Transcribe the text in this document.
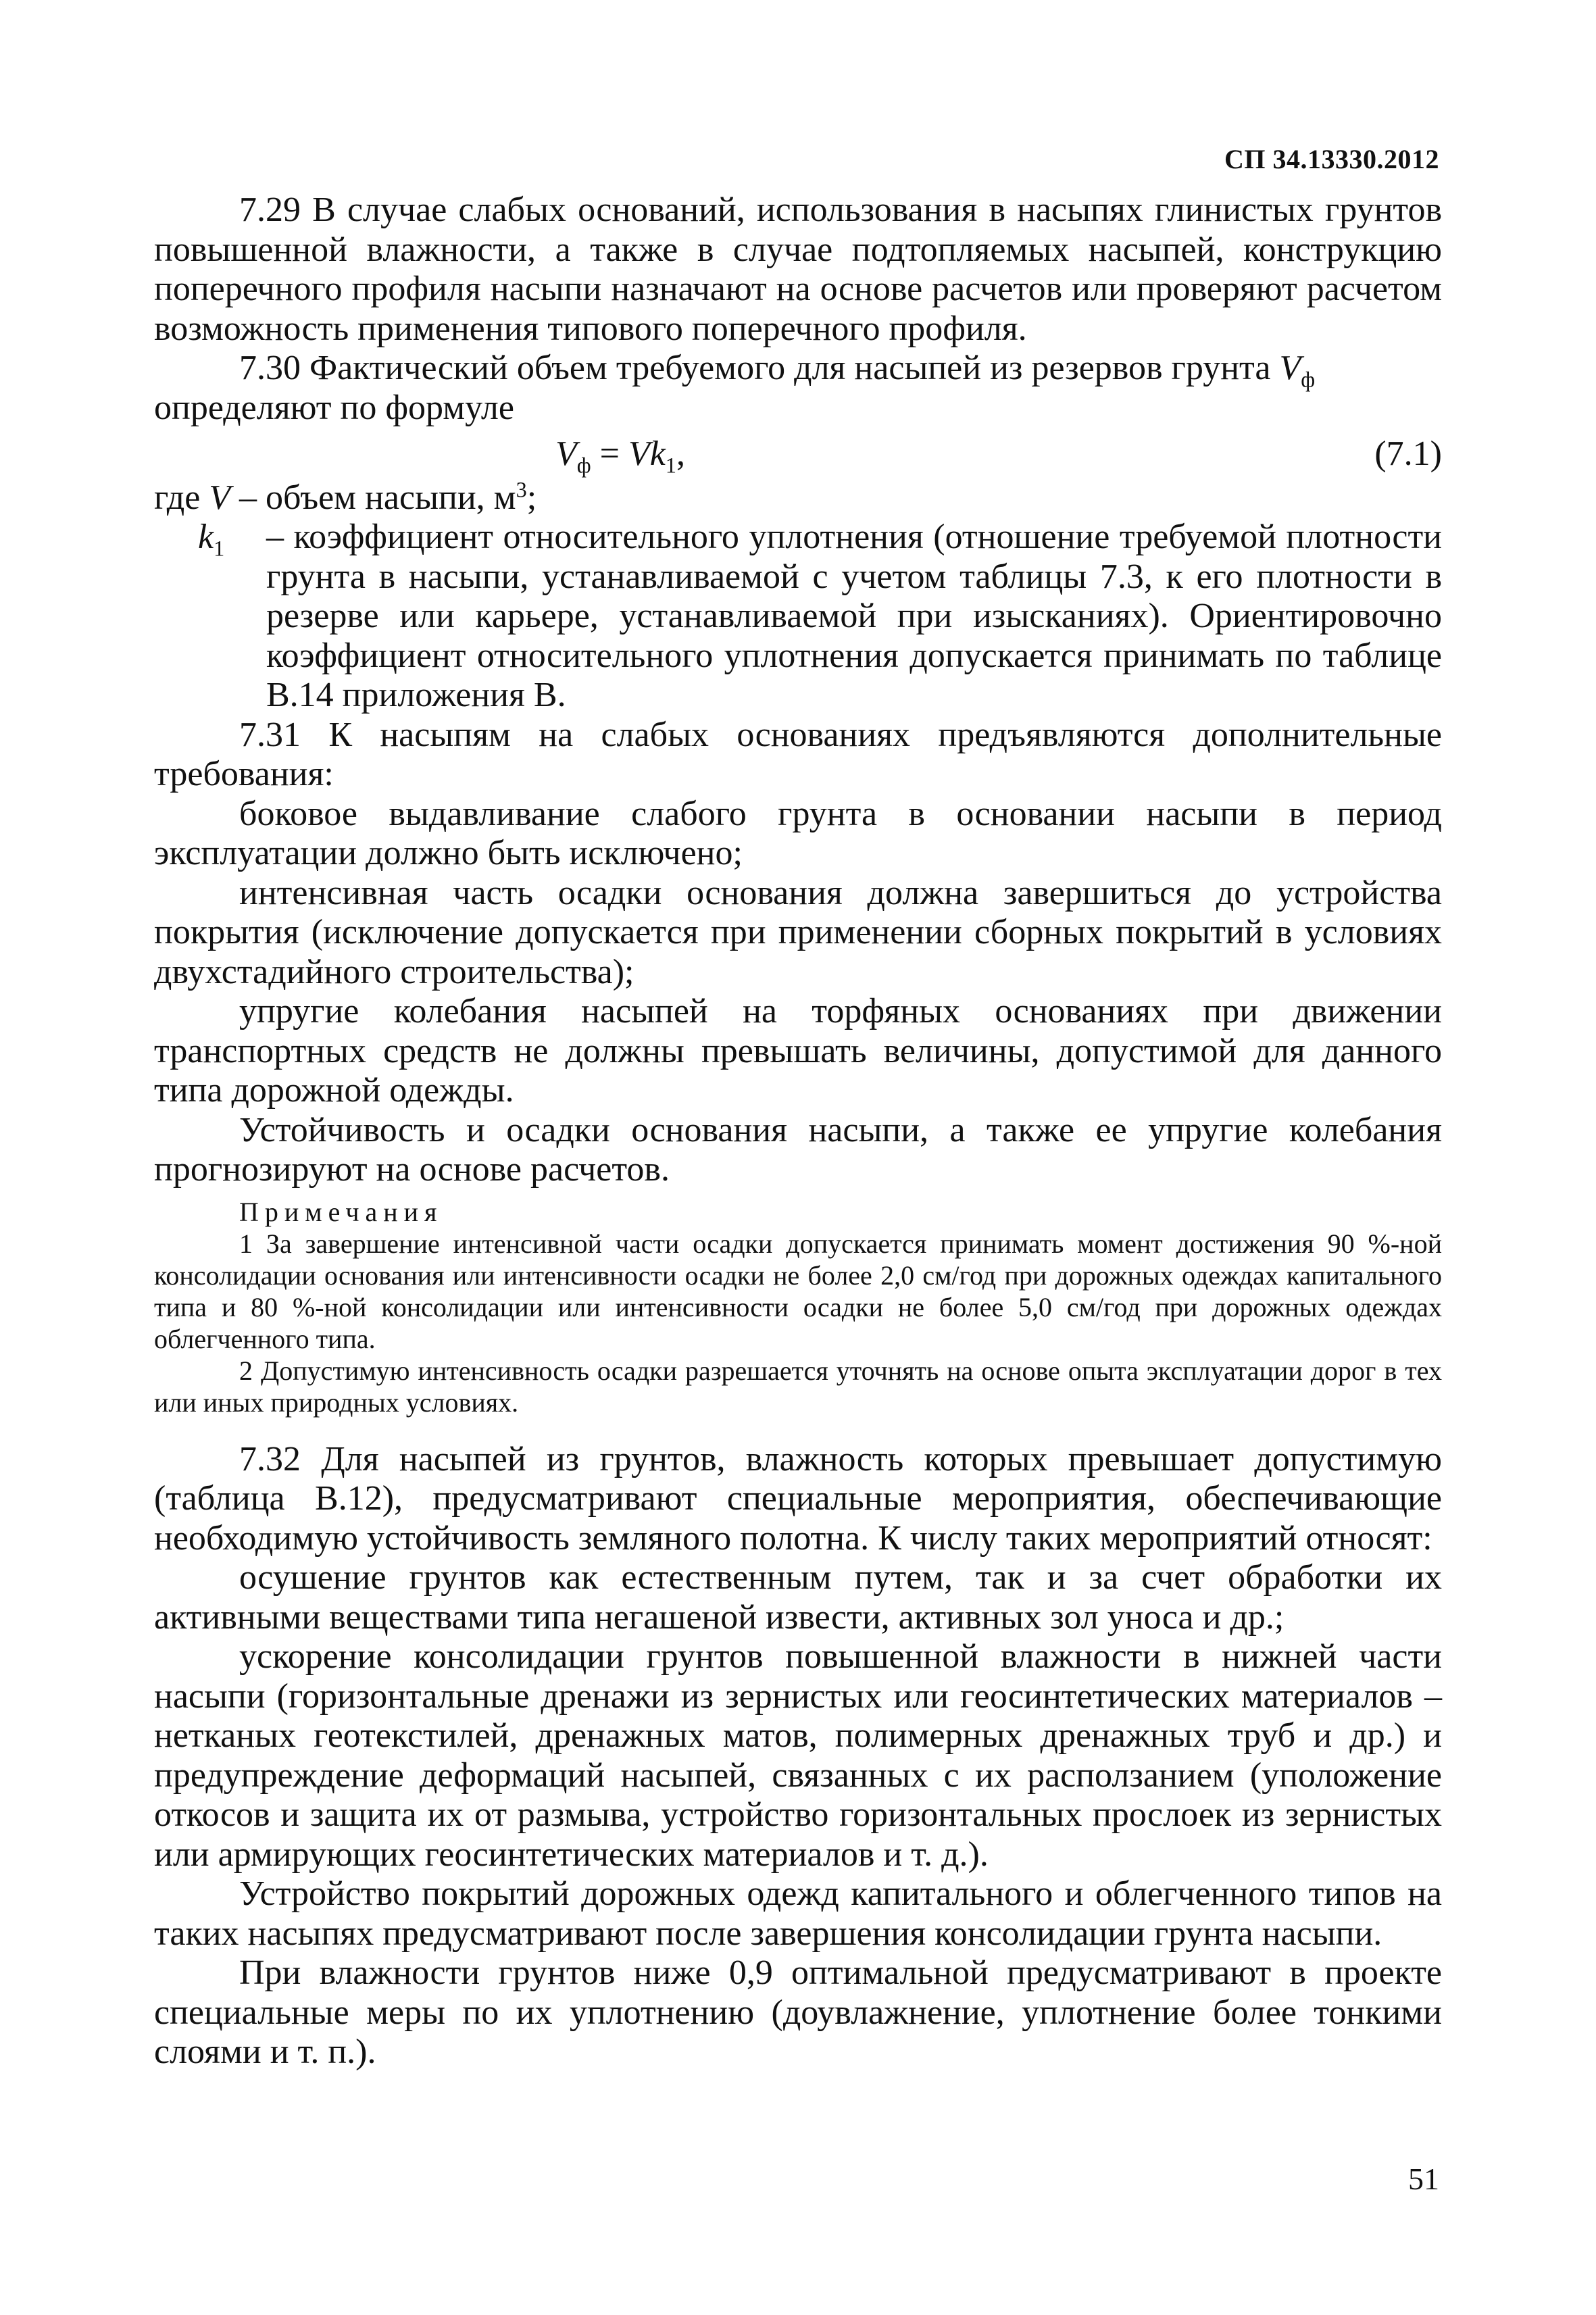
СП 34.13330.2012

7.29 В случае слабых оснований, использования в насыпях глинистых грунтов повышенной влажности, а также в случае подтопляемых насыпей, конструкцию поперечного профиля насыпи назначают на основе расчетов или проверяют расчетом возможность применения типового поперечного профиля.

7.30 Фактический объем требуемого для насыпей из резервов грунта $V_ф$
определяют по формуле

$V_ф = Vk_1$,	(7.1)

где V – объем насыпи, $м^3$;

$k_1$	– коэффициент относительного уплотнения (отношение требуемой плотности грунта в насыпи, устанавливаемой с учетом таблицы 7.3, к его плотности в резерве или карьере, устанавливаемой при изысканиях). Ориентировочно коэффициент относительного уплотнения допускается принимать по таблице В.14 приложения В.

7.31 К насыпям на слабых основаниях предъявляются дополнительные требования:

боковое выдавливание слабого грунта в основании насыпи в период эксплуатации должно быть исключено;

интенсивная часть осадки основания должна завершиться до устройства покрытия (исключение допускается при применении сборных покрытий в условиях двухстадийного строительства);

упругие колебания насыпей на торфяных основаниях при движении транспортных средств не должны превышать величины, допустимой для данного типа дорожной одежды.

Устойчивость и осадки основания насыпи, а также ее упругие колебания прогнозируют на основе расчетов.

Примечания

1 За завершение интенсивной части осадки допускается принимать момент достижения 90 %-ной консолидации основания или интенсивности осадки не более 2,0 см/год при дорожных одеждах капитального типа и 80 %-ной консолидации или интенсивности осадки не более 5,0 см/год при дорожных одеждах облегченного типа.

2 Допустимую интенсивность осадки разрешается уточнять на основе опыта эксплуатации дорог в тех или иных природных условиях.

7.32 Для насыпей из грунтов, влажность которых превышает допустимую (таблица В.12), предусматривают специальные мероприятия, обеспечивающие необходимую устойчивость земляного полотна. К числу таких мероприятий относят:

осушение грунтов как естественным путем, так и за счет обработки их активными веществами типа негашеной извести, активных зол уноса и др.;

ускорение консолидации грунтов повышенной влажности в нижней части насыпи (горизонтальные дренажи из зернистых или геосинтетических материалов – нетканых геотекстилей, дренажных матов, полимерных дренажных труб и др.) и предупреждение деформаций насыпей, связанных с их расползанием (уположение откосов и защита их от размыва, устройство горизонтальных прослоек из зернистых или армирующих геосинтетических материалов и т. д.).

Устройство покрытий дорожных одежд капитального и облегченного типов на таких насыпях предусматривают после завершения консолидации грунта насыпи.

При влажности грунтов ниже 0,9 оптимальной предусматривают в проекте специальные меры по их уплотнению (доувлажнение, уплотнение более тонкими слоями и т. п.).

51
